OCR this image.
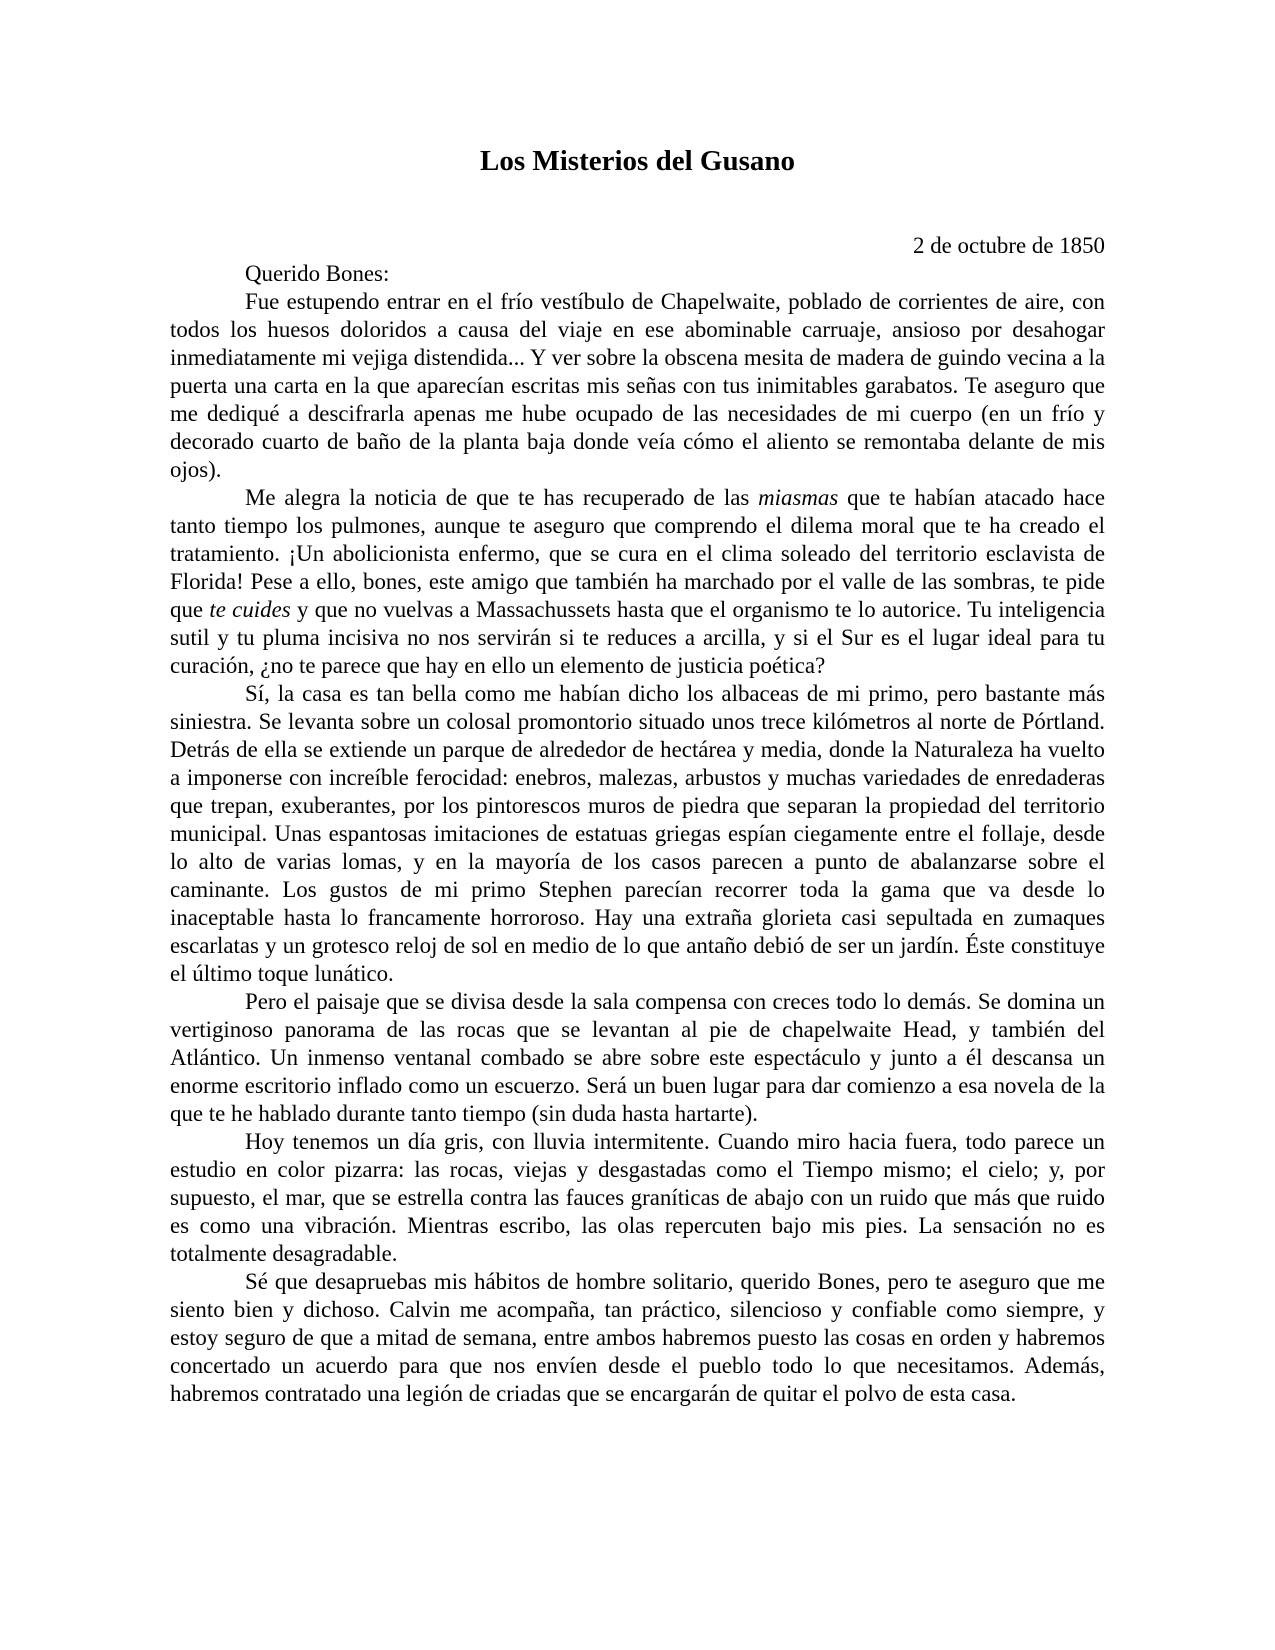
Los Misterios del Gusano
2 de octubre de 1850

Querido Bones:

Fue estupendo entrar en el frío vestíbulo de Chapelwaite, poblado de corrientes de aire, con todos los huesos doloridos a causa del viaje en ese abominable carruaje, ansioso por desahogar inmediatamente mi vejiga distendida... Y ver sobre la obscena mesita de madera de guindo vecina a la puerta una carta en la que aparecían escritas mis señas con tus inimitables garabatos. Te aseguro que me dediqué a descifrarla apenas me hube ocupado de las necesidades de mi cuerpo (en un frío y decorado cuarto de baño de la planta baja donde veía cómo el aliento se remontaba delante de mis ojos).

Me alegra la noticia de que te has recuperado de las miasmas que te habían atacado hace tanto tiempo los pulmones, aunque te aseguro que comprendo el dilema moral que te ha creado el tratamiento. ¡Un abolicionista enfermo, que se cura en el clima soleado del territorio esclavista de Florida! Pese a ello, bones, este amigo que también ha marchado por el valle de las sombras, te pide que te cuides y que no vuelvas a Massachussets hasta que el organismo te lo autorice. Tu inteligencia sutil y tu pluma incisiva no nos servirán si te reduces a arcilla, y si el Sur es el lugar ideal para tu curación, ¿no te parece que hay en ello un elemento de justicia poética?

Sí, la casa es tan bella como me habían dicho los albaceas de mi primo, pero bastante más siniestra. Se levanta sobre un colosal promontorio situado unos trece kilómetros al norte de Pórtland. Detrás de ella se extiende un parque de alrededor de hectárea y media, donde la Naturaleza ha vuelto a imponerse con increíble ferocidad: enebros, malezas, arbustos y muchas variedades de enredaderas que trepan, exuberantes, por los pintorescos muros de piedra que separan la propiedad del territorio municipal. Unas espantosas imitaciones de estatuas griegas espían ciegamente entre el follaje, desde lo alto de varias lomas, y en la mayoría de los casos parecen a punto de abalanzarse sobre el caminante. Los gustos de mi primo Stephen parecían recorrer toda la gama que va desde lo inaceptable hasta lo francamente horroroso. Hay una extraña glorieta casi sepultada en zumaques escarlatas y un grotesco reloj de sol en medio de lo que antaño debió de ser un jardín. Éste constituye el último toque lunático.

Pero el paisaje que se divisa desde la sala compensa con creces todo lo demás. Se domina un vertiginoso panorama de las rocas que se levantan al pie de chapelwaite Head, y también del Atlántico. Un inmenso ventanal combado se abre sobre este espectáculo y junto a él descansa un enorme escritorio inflado como un escuerzo. Será un buen lugar para dar comienzo a esa novela de la que te he hablado durante tanto tiempo (sin duda hasta hartarte).

Hoy tenemos un día gris, con lluvia intermitente. Cuando miro hacia fuera, todo parece un estudio en color pizarra: las rocas, viejas y desgastadas como el Tiempo mismo; el cielo; y, por supuesto, el mar, que se estrella contra las fauces graníticas de abajo con un ruido que más que ruido es como una vibración. Mientras escribo, las olas repercuten bajo mis pies. La sensación no es totalmente desagradable.

Sé que desapruebas mis hábitos de hombre solitario, querido Bones, pero te aseguro que me siento bien y dichoso. Calvin me acompaña, tan práctico, silencioso y confiable como siempre, y estoy seguro de que a mitad de semana, entre ambos habremos puesto las cosas en orden y habremos concertado un acuerdo para que nos envíen desde el pueblo todo lo que necesitamos. Además, habremos contratado una legión de criadas que se encargarán de quitar el polvo de esta casa.
